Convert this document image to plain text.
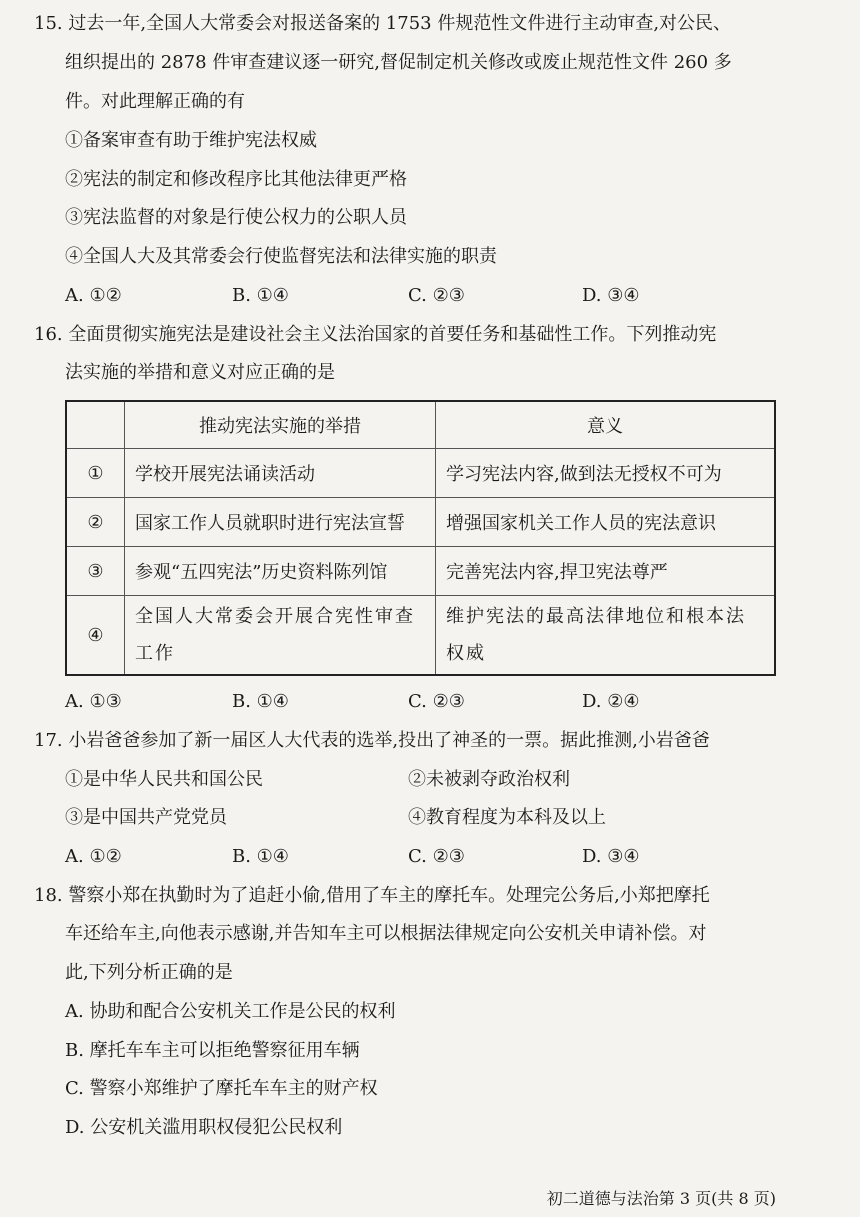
15. 过去一年,全国人大常委会对报送备案的 1753 件规范性文件进行主动审查,对公民、
组织提出的 2878 件审查建议逐一研究,督促制定机关修改或废止规范性文件 260 多
件。对此理解正确的有
①备案审查有助于维护宪法权威
②宪法的制定和修改程序比其他法律更严格
③宪法监督的对象是行使公权力的公职人员
④全国人大及其常委会行使监督宪法和法律实施的职责
A. ①②	B. ①④	C. ②③	D. ③④
16. 全面贯彻实施宪法是建设社会主义法治国家的首要任务和基础性工作。下列推动宪
法实施的举措和意义对应正确的是
	推动宪法实施的举措	意义
①	学校开展宪法诵读活动	学习宪法内容,做到法无授权不可为
②	国家工作人员就职时进行宪法宣誓	增强国家机关工作人员的宪法意识
③	参观“五四宪法”历史资料陈列馆	完善宪法内容,捍卫宪法尊严
④	全国人大常委会开展合宪性审查工作	维护宪法的最高法律地位和根本法权威
A. ①③	B. ①④	C. ②③	D. ②④
17. 小岩爸爸参加了新一届区人大代表的选举,投出了神圣的一票。据此推测,小岩爸爸
①是中华人民共和国公民	②未被剥夺政治权利
③是中国共产党党员	④教育程度为本科及以上
A. ①②	B. ①④	C. ②③	D. ③④
18. 警察小郑在执勤时为了追赶小偷,借用了车主的摩托车。处理完公务后,小郑把摩托
车还给车主,向他表示感谢,并告知车主可以根据法律规定向公安机关申请补偿。对
此,下列分析正确的是
A. 协助和配合公安机关工作是公民的权利
B. 摩托车车主可以拒绝警察征用车辆
C. 警察小郑维护了摩托车车主的财产权
D. 公安机关滥用职权侵犯公民权利
初二道德与法治第 3 页(共 8 页)
